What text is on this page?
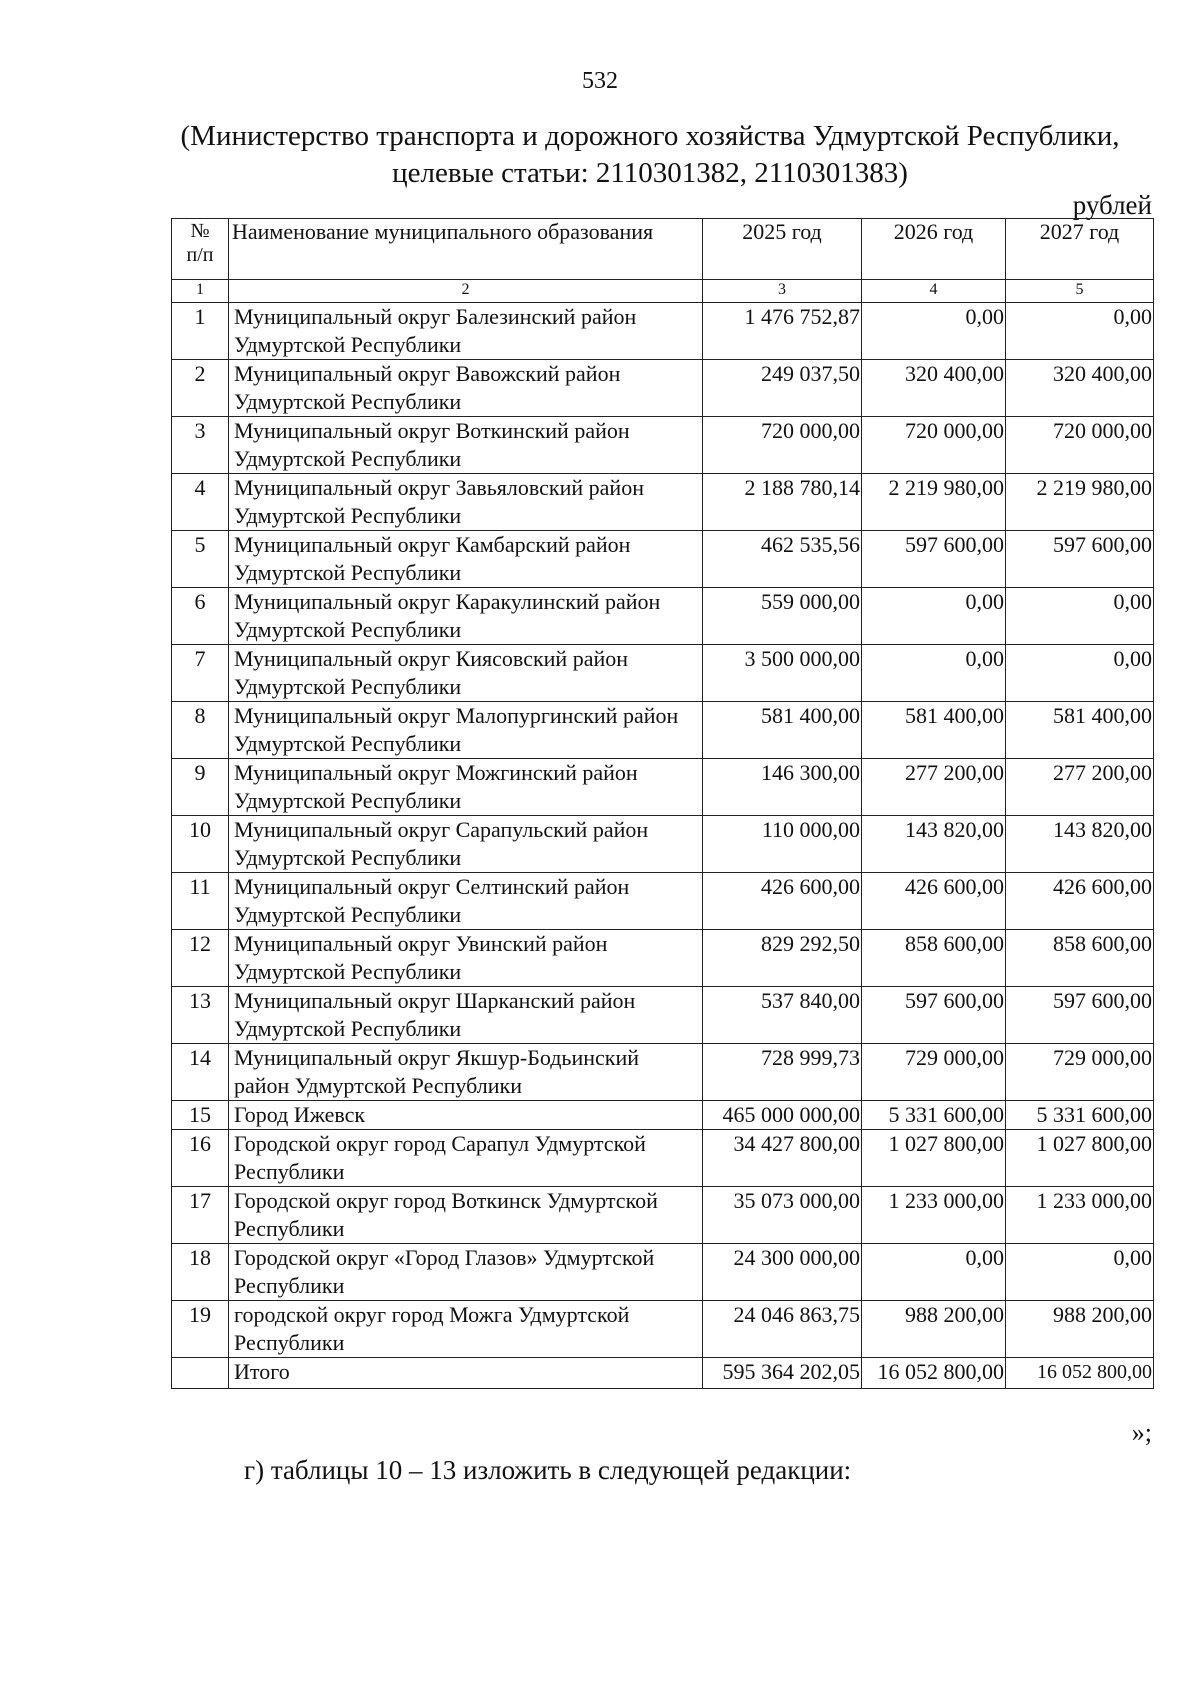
532
(Министерство транспорта и дорожного хозяйства Удмуртской Республики,
целевые статьи: 2110301382, 2110301383)
рублей
№
п/п	Наименование муниципального образования	2025 год	2026 год	2027 год
1	2	3	4	5
1	Муниципальный округ Балезинский район Удмуртской Республики	1 476 752,87	0,00	0,00
2	Муниципальный округ Вавожский район Удмуртской Республики	249 037,50	320 400,00	320 400,00
3	Муниципальный округ Воткинский район Удмуртской Республики	720 000,00	720 000,00	720 000,00
4	Муниципальный округ Завьяловский район Удмуртской Республики	2 188 780,14	2 219 980,00	2 219 980,00
5	Муниципальный округ Камбарский район Удмуртской Республики	462 535,56	597 600,00	597 600,00
6	Муниципальный округ Каракулинский район Удмуртской Республики	559 000,00	0,00	0,00
7	Муниципальный округ Киясовский район Удмуртской Республики	3 500 000,00	0,00	0,00
8	Муниципальный округ Малопургинский район Удмуртской Республики	581 400,00	581 400,00	581 400,00
9	Муниципальный округ Можгинский район Удмуртской Республики	146 300,00	277 200,00	277 200,00
10	Муниципальный округ Сарапульский район Удмуртской Республики	110 000,00	143 820,00	143 820,00
11	Муниципальный округ Селтинский район Удмуртской Республики	426 600,00	426 600,00	426 600,00
12	Муниципальный округ Увинский район Удмуртской Республики	829 292,50	858 600,00	858 600,00
13	Муниципальный округ Шарканский район Удмуртской Республики	537 840,00	597 600,00	597 600,00
14	Муниципальный округ Якшур-Бодьинский район Удмуртской Республики	728 999,73	729 000,00	729 000,00
15	Город Ижевск	465 000 000,00	5 331 600,00	5 331 600,00
16	Городской округ город Сарапул Удмуртской Республики	34 427 800,00	1 027 800,00	1 027 800,00
17	Городской округ город Воткинск Удмуртской Республики	35 073 000,00	1 233 000,00	1 233 000,00
18	Городской округ «Город Глазов» Удмуртской Республики	24 300 000,00	0,00	0,00
19	городской округ город Можга Удмуртской Республики	24 046 863,75	988 200,00	988 200,00
	Итого	595 364 202,05	16 052 800,00	16 052 800,00
»;
г) таблицы 10 – 13 изложить в следующей редакции:
